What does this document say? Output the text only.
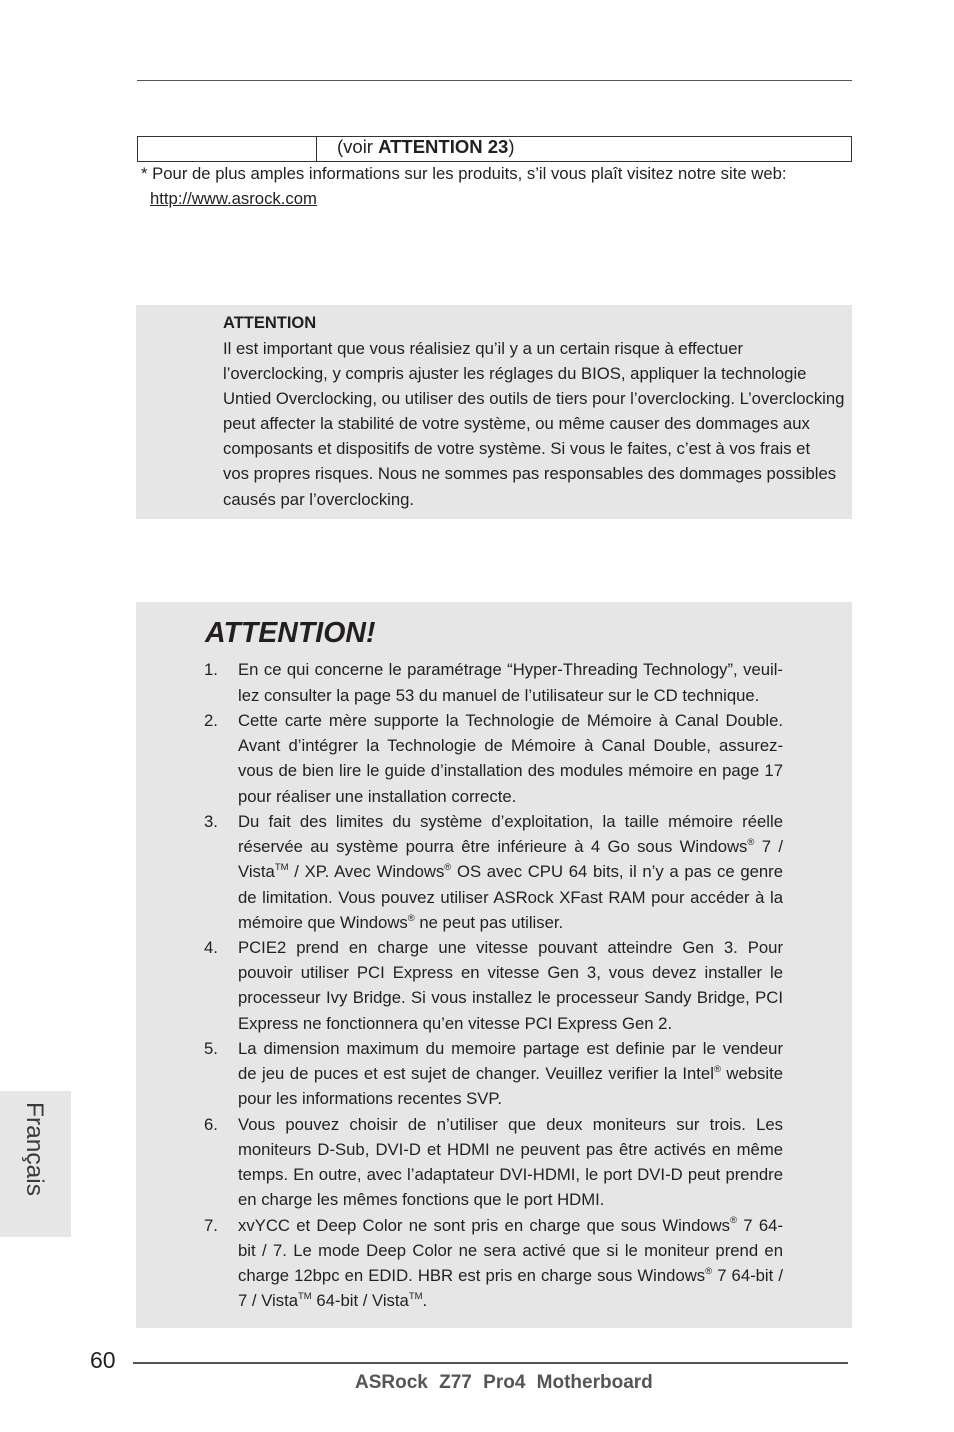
(voir ATTENTION 23)
* Pour de plus amples informations sur les produits, s’il vous plaît visitez notre site web:
http://www.asrock.com
ATTENTION
Il est important que vous réalisiez qu’il y a un certain risque à effectuer
l’overclocking, y compris ajuster les réglages du BIOS, appliquer la technologie
Untied Overclocking, ou utiliser des outils de tiers pour l’overclocking. L’overclocking
peut affecter la stabilité de votre système, ou même causer des dommages aux
composants et dispositifs de votre système. Si vous le faites, c’est à vos frais et
vos propres risques. Nous ne sommes pas responsables des dommages possibles
causés par l’overclocking.
ATTENTION!
1.	En ce qui concerne le paramétrage “Hyper-Threading Technology”, veuil-
lez consulter la page 53 du manuel de l’utilisateur sur le CD technique.
2.	Cette carte mère supporte la Technologie de Mémoire à Canal Double.
Avant d’intégrer la Technologie de Mémoire à Canal Double, assurez-
vous de bien lire le guide d’installation des modules mémoire en page 17
pour réaliser une installation correcte.
3.	Du fait des limites du système d’exploitation, la taille mémoire réelle
réservée au système pourra être inférieure à 4 Go sous Windows® 7 /
Vista™ / XP. Avec Windows® OS avec CPU 64 bits, il n’y a pas ce genre
de limitation. Vous pouvez utiliser ASRock XFast RAM pour accéder à la
mémoire que Windows® ne peut pas utiliser.
4.	PCIE2 prend en charge une vitesse pouvant atteindre Gen 3. Pour
pouvoir utiliser PCI Express en vitesse Gen 3, vous devez installer le
processeur Ivy Bridge. Si vous installez le processeur Sandy Bridge, PCI
Express ne fonctionnera qu’en vitesse PCI Express Gen 2.
5.	La dimension maximum du memoire partage est definie par le vendeur
de jeu de puces et est sujet de changer. Veuillez verifier la Intel® website
pour les informations recentes SVP.
6.	Vous pouvez choisir de n’utiliser que deux moniteurs sur trois. Les
moniteurs D-Sub, DVI-D et HDMI ne peuvent pas être activés en même
temps. En outre, avec l’adaptateur DVI-HDMI, le port DVI-D peut prendre
en charge les mêmes fonctions que le port HDMI.
7.	xvYCC et Deep Color ne sont pris en charge que sous Windows® 7 64-
bit / 7. Le mode Deep Color ne sera activé que si le moniteur prend en
charge 12bpc en EDID. HBR est pris en charge sous Windows® 7 64-bit /
7 / Vista™ 64-bit / Vista™.
Français
60
ASRock Z77 Pro4 Motherboard
